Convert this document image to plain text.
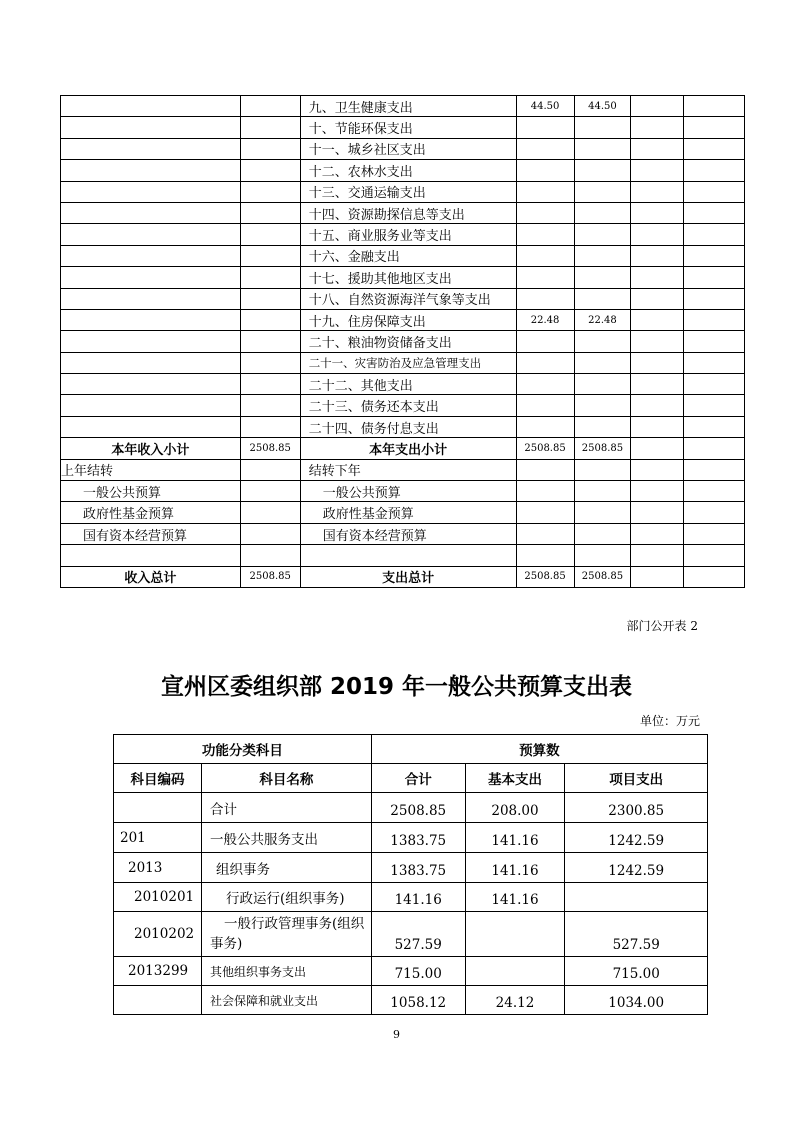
		九、卫生健康支出	44.50	44.50		
		十、节能环保支出				
		十一、城乡社区支出				
		十二、农林水支出				
		十三、交通运输支出				
		十四、资源勘探信息等支出				
		十五、商业服务业等支出				
		十六、金融支出				
		十七、援助其他地区支出				
		十八、自然资源海洋气象等支出				
		十九、住房保障支出	22.48	22.48		
		二十、粮油物资储备支出				
		二十一、灾害防治及应急管理支出				
		二十二、其他支出				
		二十三、债务还本支出				
		二十四、债务付息支出				
本年收入小计	2508.85	本年支出小计	2508.85	2508.85		
上年结转		结转下年				
一般公共预算		一般公共预算				
政府性基金预算		政府性基金预算				
国有资本经营预算		国有资本经营预算				

收入总计	2508.85	支出总计	2508.85	2508.85		
部门公开表 2
宣州区委组织部 2019 年一般公共预算支出表
单位：万元
功能分类科目		预算数		
科目编码	科目名称	合计	基本支出	项目支出
	合计	2508.85	208.00	2300.85
201	一般公共服务支出	1383.75	141.16	1242.59
2013	组织事务	1383.75	141.16	1242.59
2010201	行政运行(组织事务)	141.16	141.16	
2010202	一般行政管理事务(组织事务)	527.59		527.59
2013299	其他组织事务支出	715.00		715.00
	社会保障和就业支出	1058.12	24.12	1034.00
9
